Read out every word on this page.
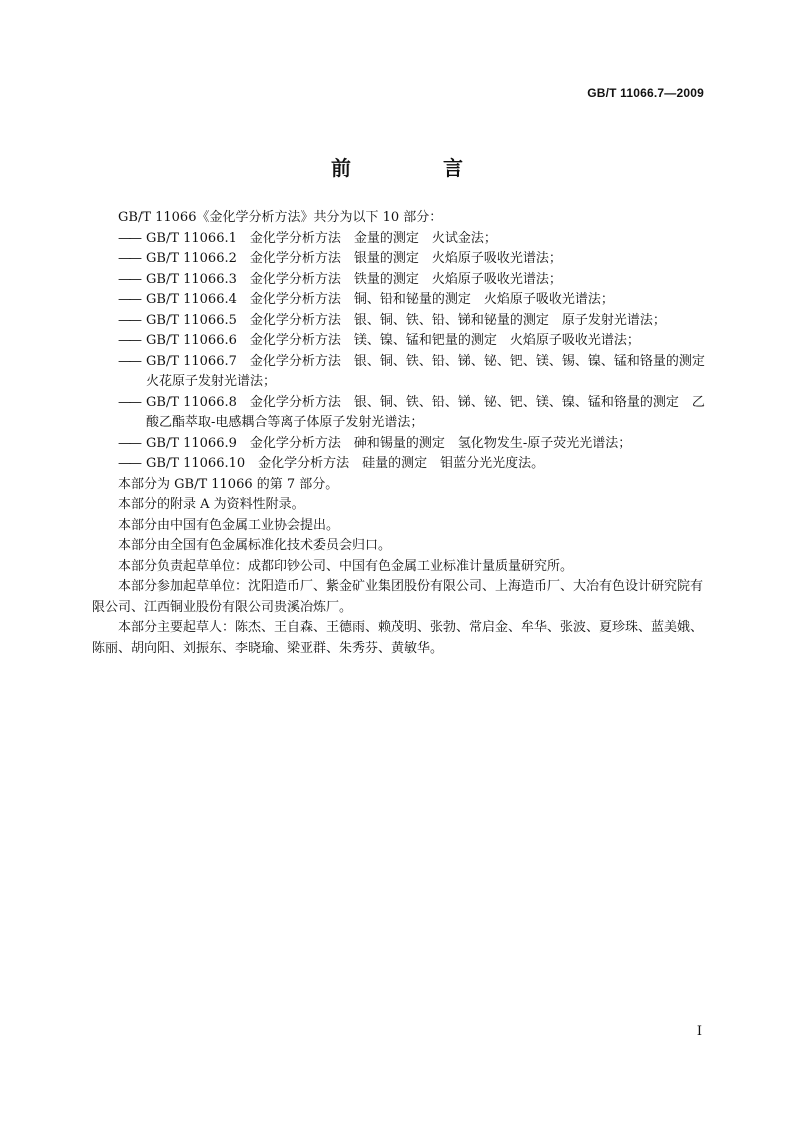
GB/T 11066.7—2009
前　言

GB/T 11066《金化学分析方法》共分为以下 10 部分：

—— GB/T 11066.1　金化学分析方法　金量的测定　火试金法；
—— GB/T 11066.2　金化学分析方法　银量的测定　火焰原子吸收光谱法；
—— GB/T 11066.3　金化学分析方法　铁量的测定　火焰原子吸收光谱法；
—— GB/T 11066.4　金化学分析方法　铜、铅和铋量的测定　火焰原子吸收光谱法；
—— GB/T 11066.5　金化学分析方法　银、铜、铁、铅、锑和铋量的测定　原子发射光谱法；
—— GB/T 11066.6　金化学分析方法　镁、镍、锰和钯量的测定　火焰原子吸收光谱法；
—— GB/T 11066.7　金化学分析方法　银、铜、铁、铅、锑、铋、钯、镁、锡、镍、锰和铬量的测定　火花原子发射光谱法；
—— GB/T 11066.8　金化学分析方法　银、铜、铁、铅、锑、铋、钯、镁、镍、锰和铬量的测定　乙酸乙酯萃取-电感耦合等离子体原子发射光谱法；
—— GB/T 11066.9　金化学分析方法　砷和锡量的测定　氢化物发生-原子荧光光谱法；
—— GB/T 11066.10　金化学分析方法　硅量的测定　钼蓝分光光度法。

本部分为 GB/T 11066 的第 7 部分。

本部分的附录 A 为资料性附录。

本部分由中国有色金属工业协会提出。

本部分由全国有色金属标准化技术委员会归口。

本部分负责起草单位：成都印钞公司、中国有色金属工业标准计量质量研究所。

本部分参加起草单位：沈阳造币厂、紫金矿业集团股份有限公司、上海造币厂、大冶有色设计研究院有限公司、江西铜业股份有限公司贵溪冶炼厂。

本部分主要起草人：陈杰、王自森、王德雨、赖茂明、张勃、常启金、牟华、张波、夏珍珠、蓝美娥、陈丽、胡向阳、刘振东、李晓瑜、梁亚群、朱秀芬、黄敏华。

I
